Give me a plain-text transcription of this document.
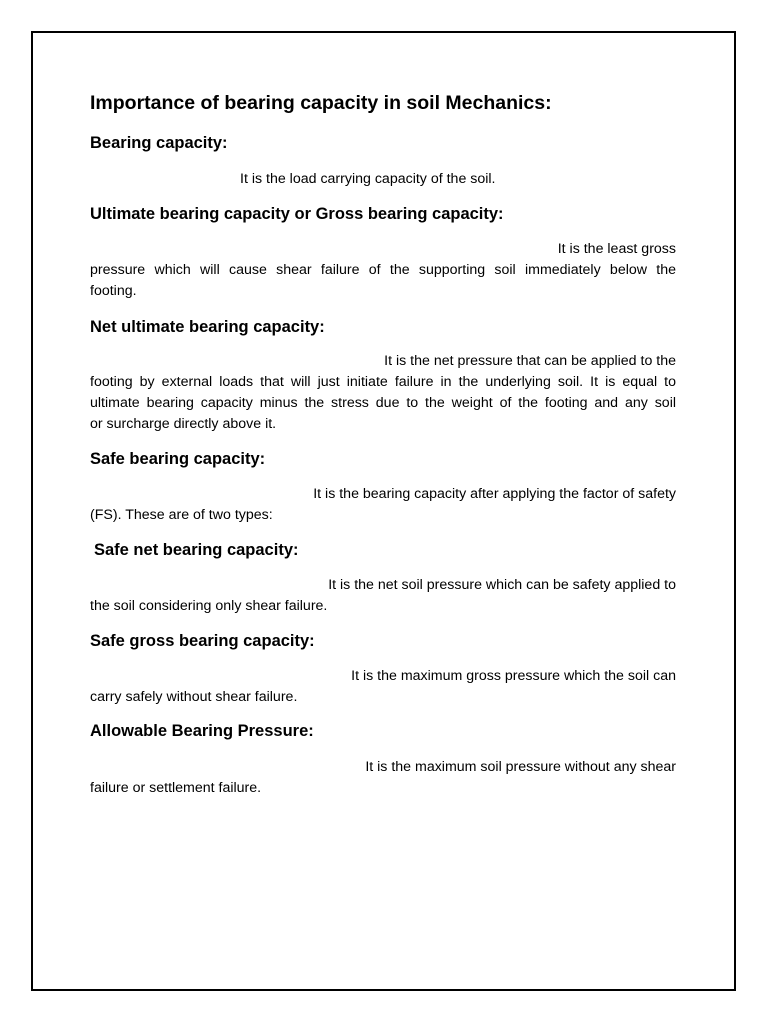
Importance of bearing capacity in soil Mechanics:
Bearing capacity:
It is the load carrying capacity of the soil.
Ultimate bearing capacity or Gross bearing capacity:
It is the least gross
pressure which will cause shear failure of the supporting soil immediately below the
footing.
Net ultimate bearing capacity:
It is the net pressure that can be applied to the
footing by external loads that will just initiate failure in the underlying soil. It is equal to
ultimate bearing capacity minus the stress due to the weight of the footing and any soil
or surcharge directly above it.
Safe bearing capacity:
It is the bearing capacity after applying the factor of safety
(FS). These are of two types:
Safe net bearing capacity:
It is the net soil pressure which can be safety applied to
the soil considering only shear failure.
Safe gross bearing capacity:
It is the maximum gross pressure which the soil can
carry safely without shear failure.
Allowable Bearing Pressure:
It is the maximum soil pressure without any shear
failure or settlement failure.
